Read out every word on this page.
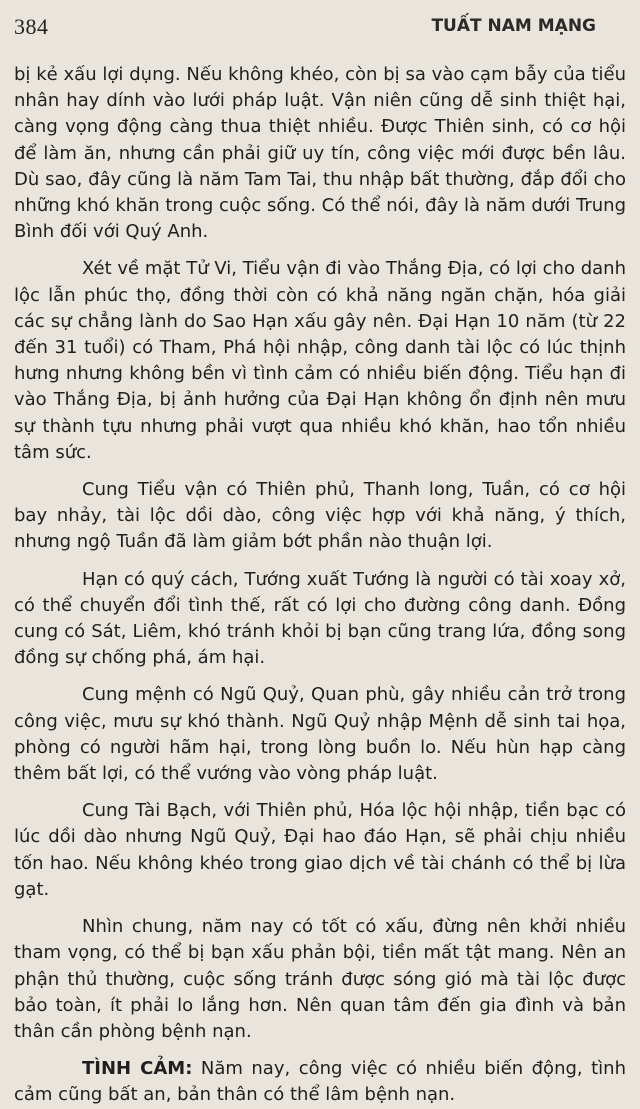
384	TUẤT NAM MẠNG

bị kẻ xấu lợi dụng. Nếu không khéo, còn bị sa vào cạm bẫy của tiểu nhân hay dính vào lưới pháp luật. Vận niên cũng dễ sinh thiệt hại, càng vọng động càng thua thiệt nhiều. Được Thiên sinh, có cơ hội để làm ăn, nhưng cần phải giữ uy tín, công việc mới được bền lâu. Dù sao, đây cũng là năm Tam Tai, thu nhập bất thường, đắp đổi cho những khó khăn trong cuộc sống. Có thể nói, đây là năm dưới Trung Bình đối với Quý Anh.

Xét về mặt Tử Vi, Tiểu vận đi vào Thắng Địa, có lợi cho danh lộc lẫn phúc thọ, đồng thời còn có khả năng ngăn chặn, hóa giải các sự chẳng lành do Sao Hạn xấu gây nên. Đại Hạn 10 năm (từ 22 đến 31 tuổi) có Tham, Phá hội nhập, công danh tài lộc có lúc thịnh hưng nhưng không bền vì tình cảm có nhiều biến động. Tiểu hạn đi vào Thắng Địa, bị ảnh hưởng của Đại Hạn không ổn định nên mưu sự thành tựu nhưng phải vượt qua nhiều khó khăn, hao tổn nhiều tâm sức.

Cung Tiểu vận có Thiên phủ, Thanh long, Tuần, có cơ hội bay nhảy, tài lộc dồi dào, công việc hợp với khả năng, ý thích, nhưng ngộ Tuần đã làm giảm bớt phần nào thuận lợi.

Hạn có quý cách, Tướng xuất Tướng là người có tài xoay xở, có thể chuyển đổi tình thế, rất có lợi cho đường công danh. Đồng cung có Sát, Liêm, khó tránh khỏi bị bạn cũng trang lứa, đồng song đồng sự chống phá, ám hại.

Cung mệnh có Ngũ Quỷ, Quan phù, gây nhiều cản trở trong công việc, mưu sự khó thành. Ngũ Quỷ nhập Mệnh dễ sinh tai họa, phòng có người hãm hại, trong lòng buồn lo. Nếu hùn hạp càng thêm bất lợi, có thể vướng vào vòng pháp luật.

Cung Tài Bạch, với Thiên phủ, Hóa lộc hội nhập, tiền bạc có lúc dồi dào nhưng Ngũ Quỷ, Đại hao đáo Hạn, sẽ phải chịu nhiều tốn hao. Nếu không khéo trong giao dịch về tài chánh có thể bị lừa gạt.

Nhìn chung, năm nay có tốt có xấu, đừng nên khởi nhiều tham vọng, có thể bị bạn xấu phản bội, tiền mất tật mang. Nên an phận thủ thường, cuộc sống tránh được sóng gió mà tài lộc được bảo toàn, ít phải lo lắng hơn. Nên quan tâm đến gia đình và bản thân cần phòng bệnh nạn.

TÌNH CẢM: Năm nay, công việc có nhiều biến động, tình cảm cũng bất an, bản thân có thể lâm bệnh nạn.
